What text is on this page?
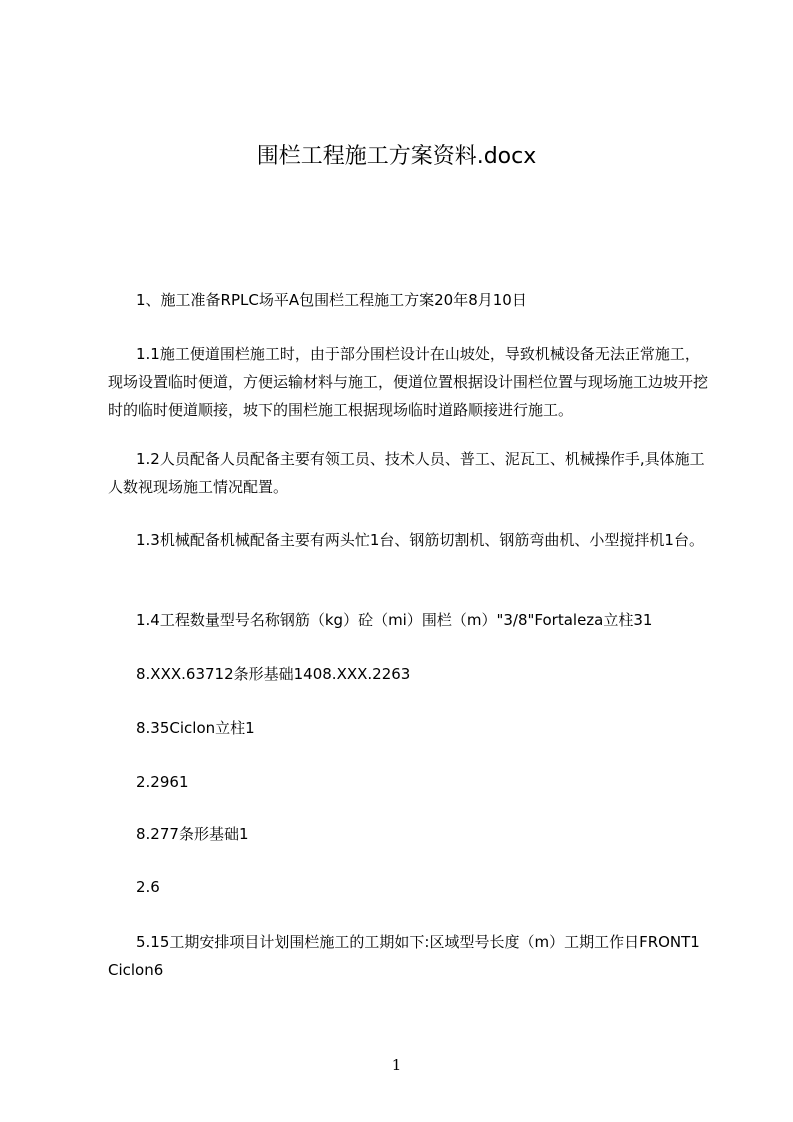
围栏工程施工方案资料.docx

1、施工准备RPLC场平A包围栏工程施工方案20年8月10日

1.1施工便道围栏施工时，由于部分围栏设计在山坡处，导致机械设备无法正常施工，现场设置临时便道，方便运输材料与施工，便道位置根据设计围栏位置与现场施工边坡开挖时的临时便道顺接，坡下的围栏施工根据现场临时道路顺接进行施工。

1.2人员配备人员配备主要有领工员、技术人员、普工、泥瓦工、机械操作手,具体施工人数视现场施工情况配置。

1.3机械配备机械配备主要有两头忙1台、钢筋切割机、钢筋弯曲机、小型搅拌机1台。

1.4工程数量型号名称钢筋（kg）砼（mi）围栏（m）"3/8"Fortaleza立柱31

8.XXX.63712条形基础1408.XXX.2263

8.35Ciclon立柱1

2.2961

8.277条形基础1

2.6

5.15工期安排项目计划围栏施工的工期如下:区域型号长度（m）工期工作日FRONT1Ciclon6

1
